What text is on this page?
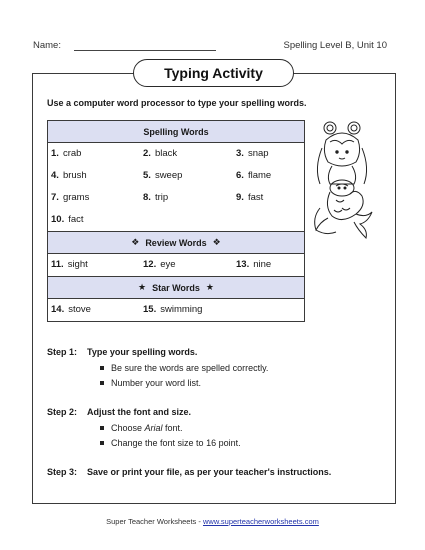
Name:	Spelling Level B, Unit 10
Typing Activity
Use a computer word processor to type your spelling words.
Spelling Words
1. crab	2. black	3. snap
4. brush	5. sweep	6. flame
7. grams	8. trip	9. fast
10. fact
❖ Review Words ❖
11. sight	12. eye	13. nine
★ Star Words ★
14. stove	15. swimming
Step 1: Type your spelling words.
Be sure the words are spelled correctly.
Number your word list.
Step 2: Adjust the font and size.
Choose Arial font.
Change the font size to 16 point.
Step 3: Save or print your file, as per your teacher's instructions.
Super Teacher Worksheets - www.superteacherworksheets.com
